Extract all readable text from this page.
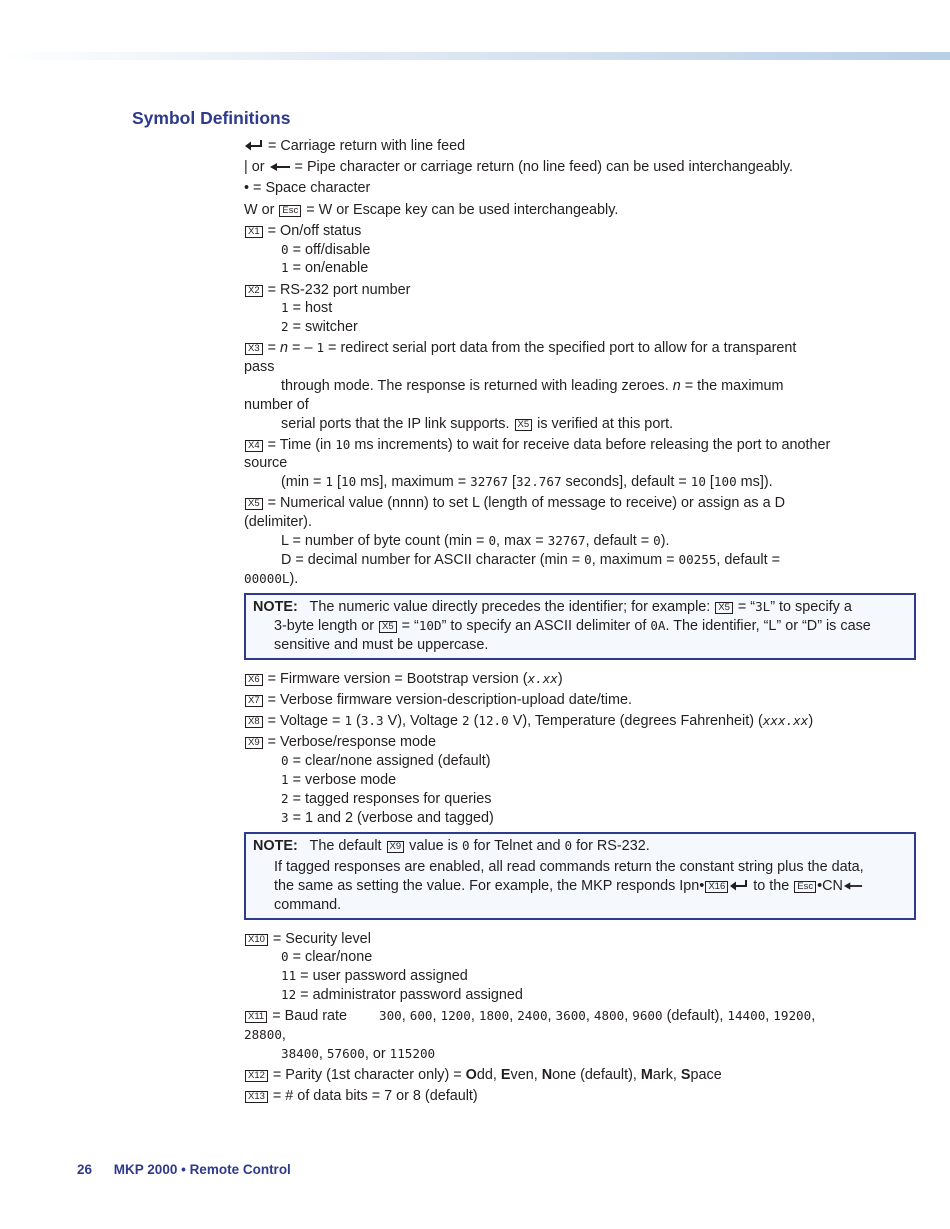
Symbol Definitions
= Carriage return with line feed
| or = Pipe character or carriage return (no line feed) can be used interchangeably.
• = Space character
W or Esc = W or Escape key can be used interchangeably.
X1 = On/off status
0 = off/disable
1 = on/enable
X2 = RS-232 port number
1 = host
2 = switcher
X3 = n = – 1 = redirect serial port data from the specified port to allow for a transparent
pass
through mode. The response is returned with leading zeroes. n = the maximum
number of
serial ports that the IP link supports. X5 is verified at this port.
X4 = Time (in 10 ms increments) to wait for receive data before releasing the port to another
source
(min = 1 [10 ms], maximum = 32767 [32.767 seconds], default = 10 [100 ms]).
X5 = Numerical value (nnnn) to set L (length of message to receive) or assign as a D
(delimiter).
L = number of byte count (min = 0, max = 32767, default = 0).
D = decimal number for ASCII character (min = 0, maximum = 00255, default =
00000L).
NOTE: The numeric value directly precedes the identifier; for example: X5 = “3L” to specify a
3-byte length or X5 = “10D” to specify an ASCII delimiter of 0A. The identifier, “L” or “D” is case
sensitive and must be uppercase.
X6 = Firmware version = Bootstrap version (x.xx)
X7 = Verbose firmware version-description-upload date/time.
X8 = Voltage = 1 (3.3 V), Voltage 2 (12.0 V), Temperature (degrees Fahrenheit) (xxx.xx)
X9 = Verbose/response mode
0 = clear/none assigned (default)
1 = verbose mode
2 = tagged responses for queries
3 = 1 and 2 (verbose and tagged)
NOTE: The default X9 value is 0 for Telnet and 0 for RS-232.
If tagged responses are enabled, all read commands return the constant string plus the data,
the same as setting the value. For example, the MKP responds Ipn• X16 to the Esc •CN
command.
X10 = Security level
0 = clear/none
11 = user password assigned
12 = administrator password assigned
X11 = Baud rate	300, 600, 1200, 1800, 2400, 3600, 4800, 9600 (default), 14400, 19200,
28800,
38400, 57600, or 115200
X12 = Parity (1st character only) = Odd, Even, None (default), Mark, Space
X13 = # of data bits = 7 or 8 (default)
26 MKP 2000 • Remote Control
